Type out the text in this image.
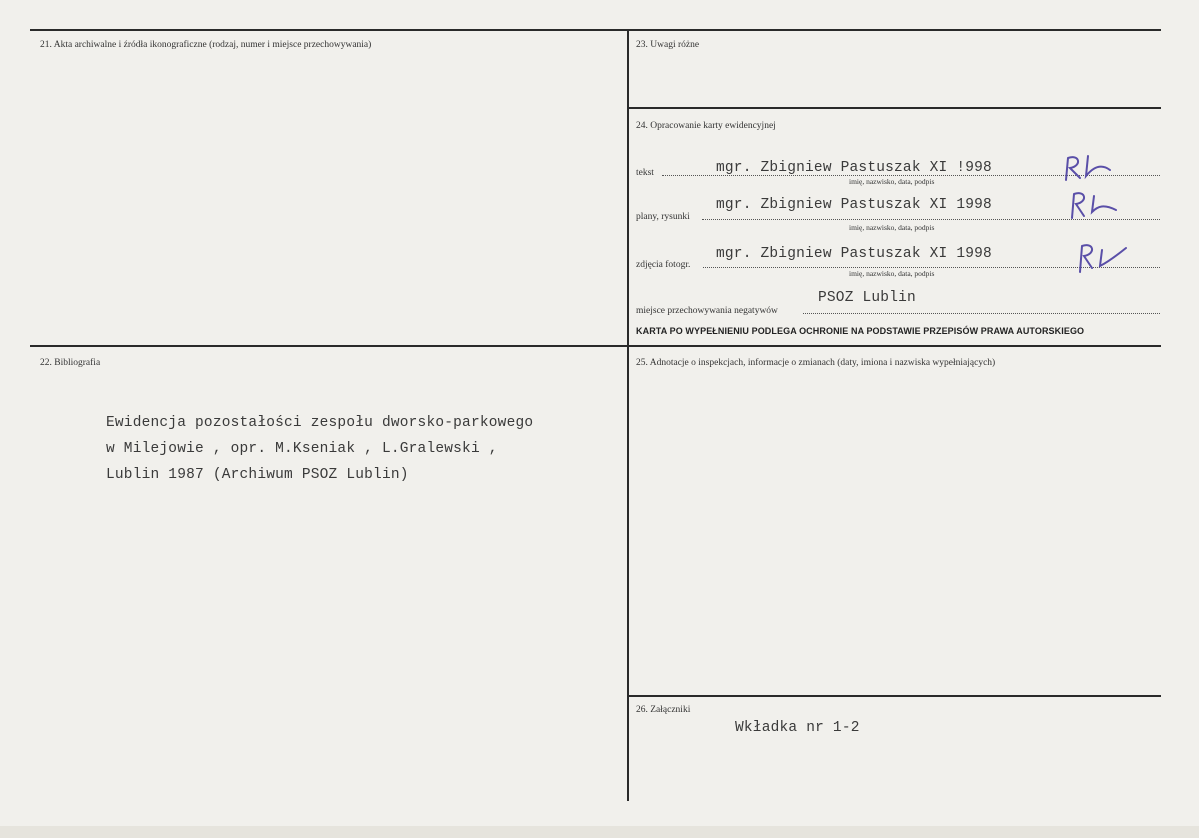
21. Akta archiwalne i źródła ikonograficzne (rodzaj, numer i miejsce przechowywania)	23. Uwagi różne
24. Opracowanie karty ewidencyjnej
tekst	mgr. Zbigniew Pastuszak XI !998
imię, nazwisko, data, podpis
plany, rysunki
mgr. Zbigniew Pastuszak XI 1998
imię, nazwisko, data, podpis
zdjęcia fotogr.
mgr. Zbigniew Pastuszak XI 1998
imię, nazwisko, data, podpis
miejsce przechowywania negatywów
PSOZ Lublin
KARTA PO WYPEŁNIENIU PODLEGA OCHRONIE NA PODSTAWIE PRZEPISÓW PRAWA AUTORSKIEGO
22. Bibliografia
Ewidencja pozostałości zespołu dworsko-parkowego
w Milejowie , opr. M.Kseniak , L.Gralewski ,
Lublin 1987 (Archiwum PSOZ Lublin)
25. Adnotacje o inspekcjach, informacje o zmianach (daty, imiona i nazwiska wypełniających)
26. Załączniki
Wkładka nr 1-2
